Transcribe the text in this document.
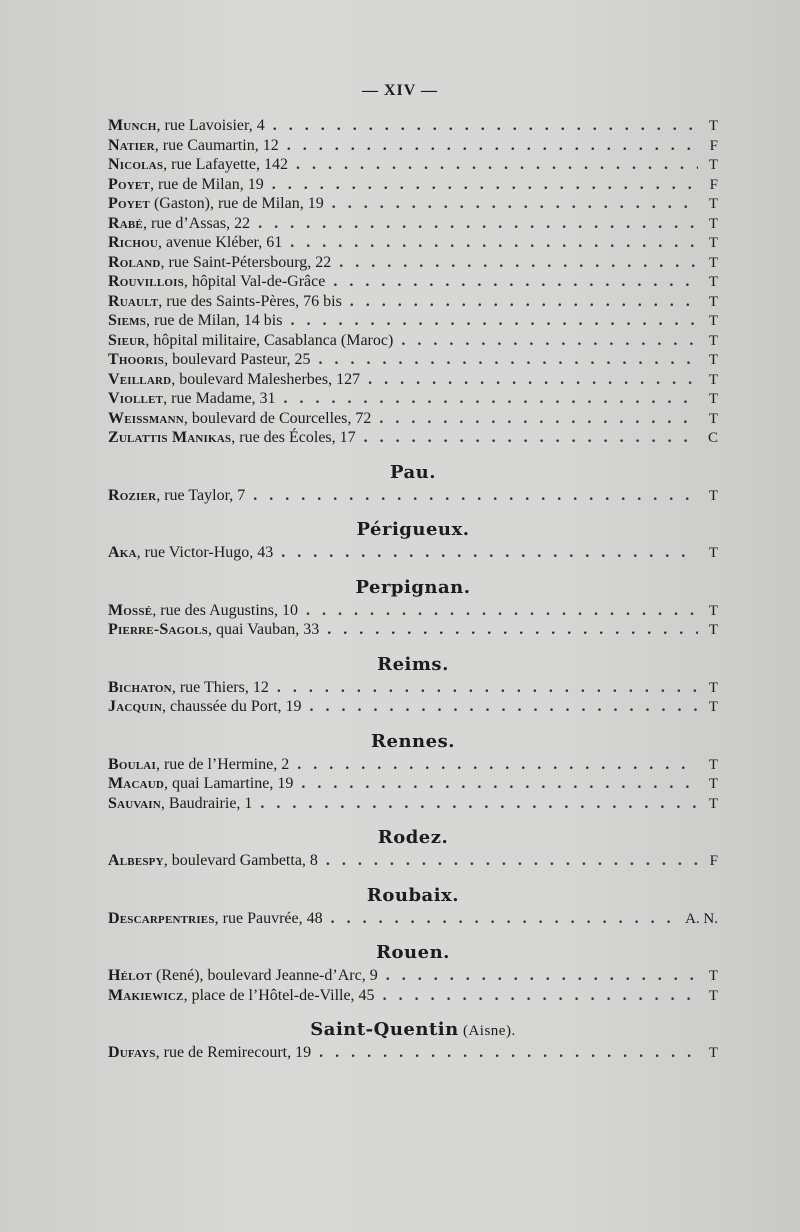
— XIV —
Munch, rue Lavoisier, 4 . . .	T
Natier, rue Caumartin, 12 . . .	F
Nicolas, rue Lafayette, 142 . . .	T
Poyet, rue de Milan, 19 . . .	F
Poyet (Gaston), rue de Milan, 19 . . .	T
Rabé, rue d’Assas, 22 . . .	T
Richou, avenue Kléber, 61 . . .	T
Roland, rue Saint-Pétersbourg, 22 . . .	T
Rouvillois, hôpital Val-de-Grâce . . .	T
Ruault, rue des Saints-Pères, 76 bis . . .	T
Siems, rue de Milan, 14 bis . . .	T
Sieur, hôpital militaire, Casablanca (Maroc) . . .	T
Thooris, boulevard Pasteur, 25 . . .	T
Veillard, boulevard Malesherbes, 127 . . .	T
Viollet, rue Madame, 31 . . .	T
Weissmann, boulevard de Courcelles, 72 . . .	T
Zulattis Manikas, rue des Écoles, 17 . . .	C
Pau.
Rozier, rue Taylor, 7 . . .	T
Périgueux.
Aka, rue Victor-Hugo, 43 . . .	T
Perpignan.
Mossé, rue des Augustins, 10 . . .	T
Pierre-Sagols, quai Vauban, 33 . . .	T
Reims.
Bichaton, rue Thiers, 12 . . .	T
Jacquin, chaussée du Port, 19 . . .	T
Rennes.
Boulai, rue de l’Hermine, 2 . . .	T
Macaud, quai Lamartine, 19 . . .	T
Sauvain, Baudrairie, 1 . . .	T
Rodez.
Albespy, boulevard Gambetta, 8 . . .	F
Roubaix.
Descarpentries, rue Pauvrée, 48 . . .	A. N.
Rouen.
Hélot (René), boulevard Jeanne-d’Arc, 9 . . .	T
Makiewicz, place de l’Hôtel-de-Ville, 45 . . .	T
Saint-Quentin (Aisne).
Dufays, rue de Remirecourt, 19 . . .	T
